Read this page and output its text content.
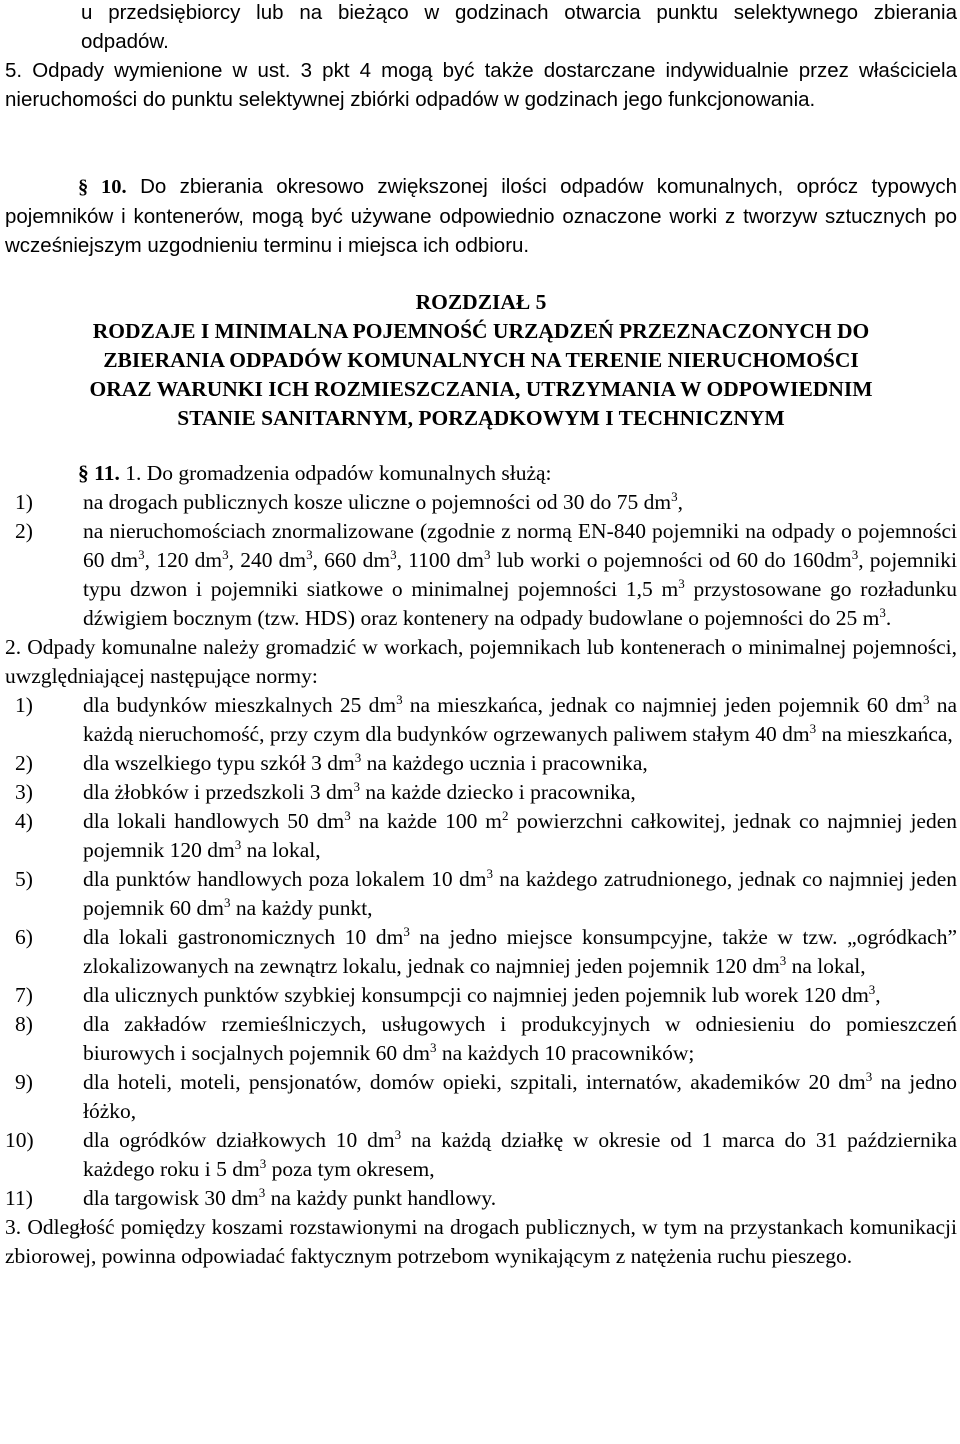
u przedsiębiorcy lub na bieżąco w godzinach otwarcia punktu selektywnego zbierania

odpadów.

5. Odpady wymienione w ust. 3 pkt 4 mogą być także dostarczane indywidualnie przez właściciela nieruchomości do punktu selektywnej zbiórki odpadów w godzinach jego funkcjonowania.

§ 10. Do zbierania okresowo zwiększonej ilości odpadów komunalnych, oprócz typowych pojemników i kontenerów, mogą być używane odpowiednio oznaczone worki z tworzyw sztucznych po wcześniejszym uzgodnieniu terminu i miejsca ich odbioru.

ROZDZIAŁ 5
RODZAJE I MINIMALNA POJEMNOŚĆ URZĄDZEŃ PRZEZNACZONYCH DO
ZBIERANIA ODPADÓW KOMUNALNYCH NA TERENIE NIERUCHOMOŚCI
ORAZ WARUNKI ICH ROZMIESZCZANIA, UTRZYMANIA W ODPOWIEDNIM
STANIE SANITARNYM, PORZĄDKOWYM I TECHNICZNYM

§ 11. 1. Do gromadzenia odpadów komunalnych służą:

1) na drogach publicznych kosze uliczne o pojemności od 30 do 75 $dm^3$,

2) na nieruchomościach znormalizowane (zgodnie z normą EN-840 pojemniki na odpady o pojemności 60 $dm^3$, 120 $dm^3$, 240 $dm^3$, 660 $dm^3$, 1100 $dm^3$ lub worki o pojemności od 60 do $160dm^3$, pojemniki typu dzwon i pojemniki siatkowe o minimalnej pojemności 1,5 $m^3$ przystosowane go rozładunku dźwigiem bocznym (tzw. HDS) oraz kontenery na odpady budowlane o pojemności do 25 $m^3$.

2. Odpady komunalne należy gromadzić w workach, pojemnikach lub kontenerach o minimalnej pojemności, uwzględniającej następujące normy:

1) dla budynków mieszkalnych 25 $dm^3$ na mieszkańca, jednak co najmniej jeden pojemnik 60 $dm^3$ na każdą nieruchomość, przy czym dla budynków ogrzewanych paliwem stałym 40 $dm^3$ na mieszkańca,

2) dla wszelkiego typu szkół 3 $dm^3$ na każdego ucznia i pracownika,

3) dla żłobków i przedszkoli 3 $dm^3$ na każde dziecko i pracownika,

4) dla lokali handlowych 50 $dm^3$ na każde 100 $m^2$ powierzchni całkowitej, jednak co najmniej jeden pojemnik 120 $dm^3$ na lokal,

5) dla punktów handlowych poza lokalem 10 $dm^3$ na każdego zatrudnionego, jednak co najmniej jeden pojemnik 60 $dm^3$ na każdy punkt,

6) dla lokali gastronomicznych 10 $dm^3$ na jedno miejsce konsumpcyjne, także w tzw. „ogródkach” zlokalizowanych na zewnątrz lokalu, jednak co najmniej jeden pojemnik 120 $dm^3$ na lokal,

7) dla ulicznych punktów szybkiej konsumpcji co najmniej jeden pojemnik lub worek 120 $dm^3$,

8) dla zakładów rzemieślniczych, usługowych i produkcyjnych w odniesieniu do pomieszczeń biurowych i socjalnych pojemnik 60 $dm^3$ na każdych 10 pracowników;

9) dla hoteli, moteli, pensjonatów, domów opieki, szpitali, internatów, akademików 20 $dm^3$ na jedno łóżko,

10) dla ogródków działkowych 10 $dm^3$ na każdą działkę w okresie od 1 marca do 31 października każdego roku i 5 $dm^3$ poza tym okresem,

11) dla targowisk 30 $dm^3$ na każdy punkt handlowy.

3. Odległość pomiędzy koszami rozstawionymi na drogach publicznych, w tym na przystankach komunikacji zbiorowej, powinna odpowiadać faktycznym potrzebom wynikającym z natężenia ruchu pieszego.
